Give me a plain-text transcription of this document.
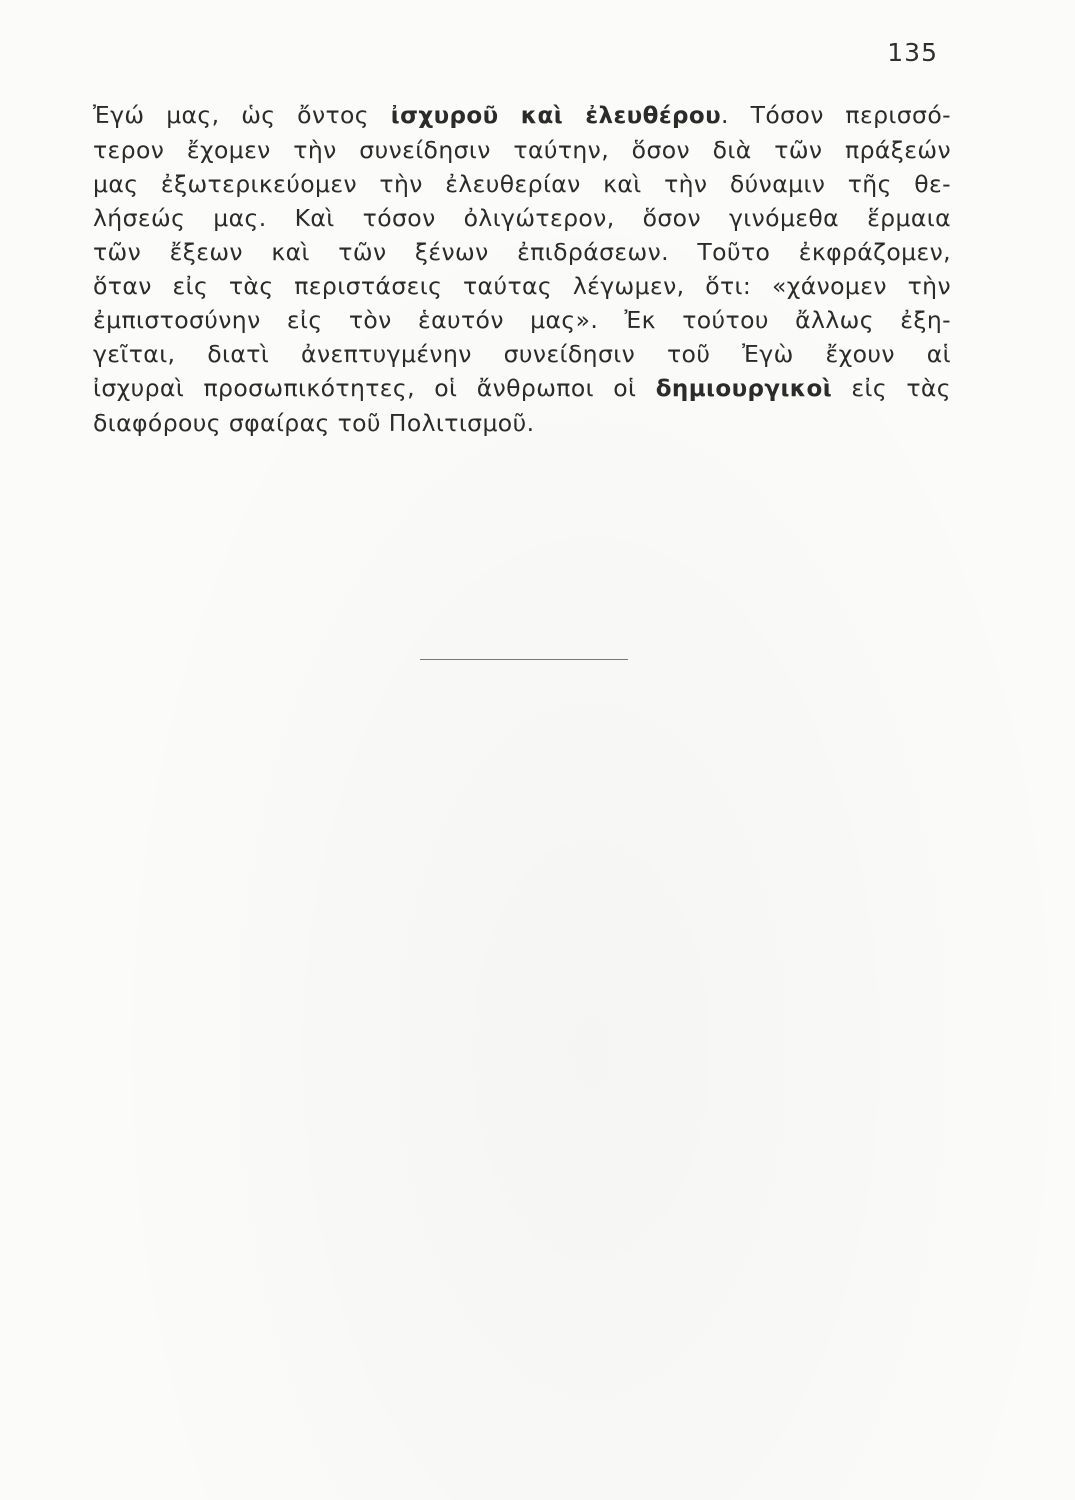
135
Ἐγώ μας, ὡς ὄντος ἰσχυροῦ καὶ ἐλευθέρου. Τόσον περισσό-
τερον ἔχομεν τὴν συνείδησιν ταύτην, ὅσον διὰ τῶν πράξεών
μας ἐξωτερικεύομεν τὴν ἐλευθερίαν καὶ τὴν δύναμιν τῆς θε-
λήσεώς μας. Καὶ τόσον ὀλιγώτερον, ὅσον γινόμεθα ἕρμαια
τῶν ἔξεων καὶ τῶν ξένων ἐπιδράσεων. Τοῦτο ἐκφράζομεν,
ὅταν εἰς τὰς περιστάσεις ταύτας λέγωμεν, ὅτι: «χάνομεν τὴν
ἐμπιστοσύνην εἰς τὸν ἑαυτόν μας». Ἐκ τούτου ἄλλως ἐξη-
γεῖται, διατὶ ἀνεπτυγμένην συνείδησιν τοῦ Ἐγὼ ἔχουν αἱ
ἰσχυραὶ προσωπικότητες, οἱ ἄνθρωποι οἱ δημιουργικοὶ εἰς τὰς
διαφόρους σφαίρας τοῦ Πολιτισμοῦ.
